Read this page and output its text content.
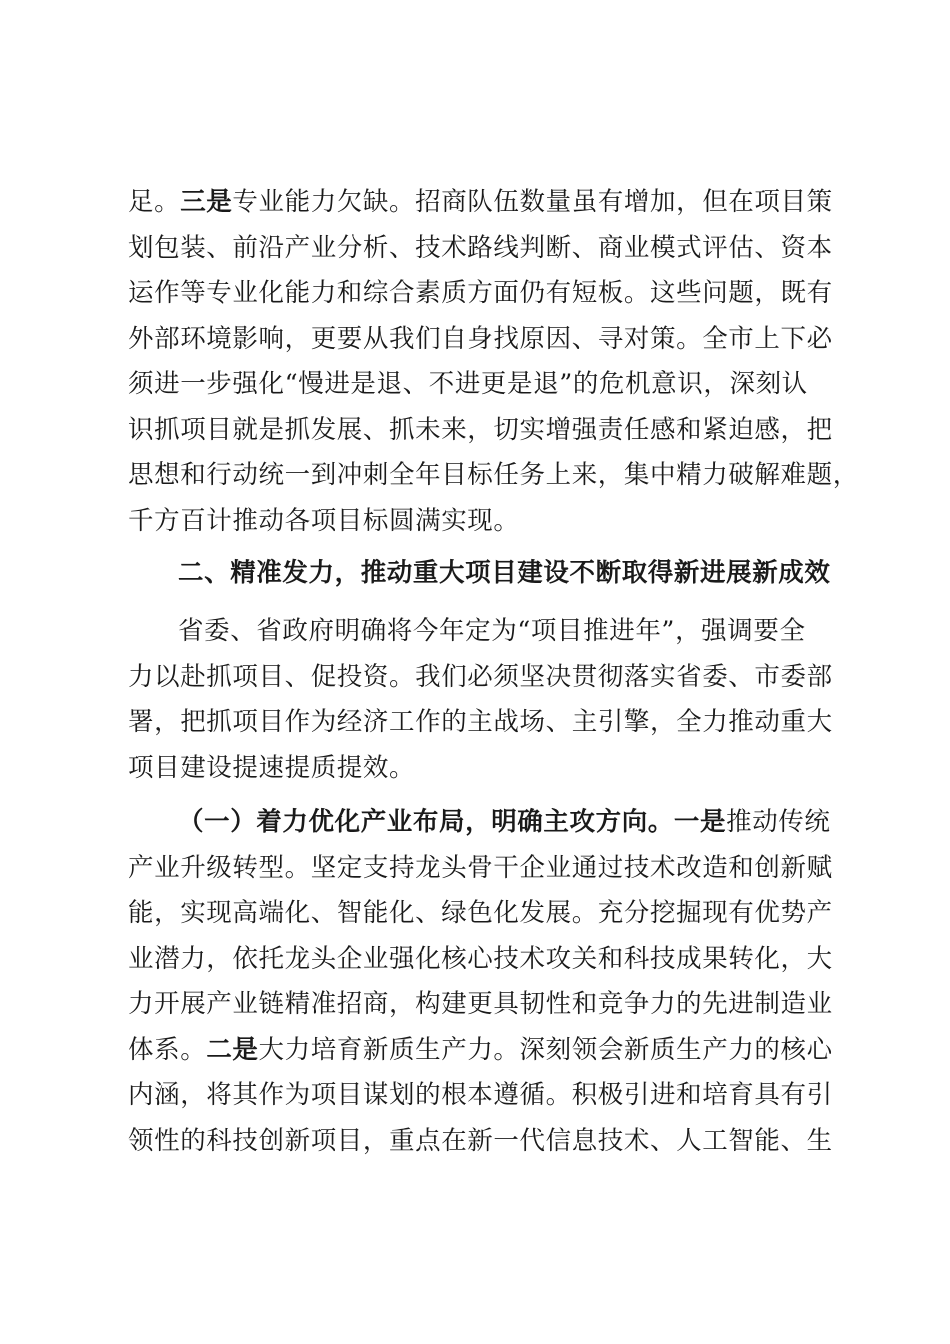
足。三是专业能力欠缺。招商队伍数量虽有增加，但在项目策
划包装、前沿产业分析、技术路线判断、商业模式评估、资本
运作等专业化能力和综合素质方面仍有短板。这些问题，既有
外部环境影响，更要从我们自身找原因、寻对策。全市上下必
须进一步强化“慢进是退、不进更是退”的危机意识，深刻认
识抓项目就是抓发展、抓未来，切实增强责任感和紧迫感，把
思想和行动统一到冲刺全年目标任务上来，集中精力破解难题，
千方百计推动各项目标圆满实现。
二、精准发力，推动重大项目建设不断取得新进展新成效
省委、省政府明确将今年定为“项目推进年”，强调要全
力以赴抓项目、促投资。我们必须坚决贯彻落实省委、市委部
署，把抓项目作为经济工作的主战场、主引擎，全力推动重大
项目建设提速提质提效。
（一）着力优化产业布局，明确主攻方向。一是推动传统
产业升级转型。坚定支持龙头骨干企业通过技术改造和创新赋
能，实现高端化、智能化、绿色化发展。充分挖掘现有优势产
业潜力，依托龙头企业强化核心技术攻关和科技成果转化，大
力开展产业链精准招商，构建更具韧性和竞争力的先进制造业
体系。二是大力培育新质生产力。深刻领会新质生产力的核心
内涵，将其作为项目谋划的根本遵循。积极引进和培育具有引
领性的科技创新项目，重点在新一代信息技术、人工智能、生
